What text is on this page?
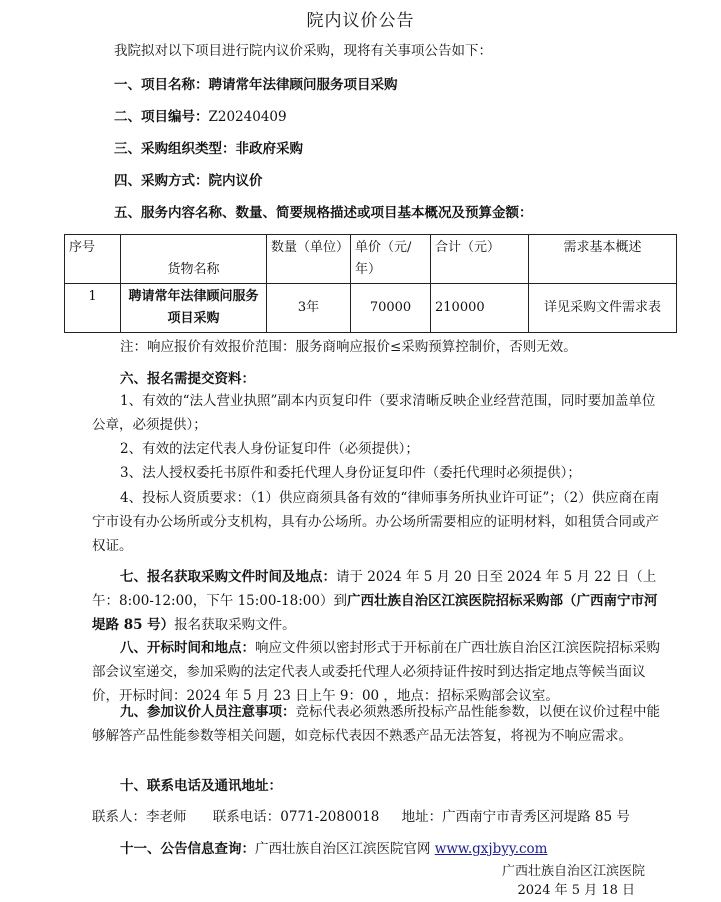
院内议价公告
我院拟对以下项目进行院内议价采购，现将有关事项公告如下：
一、项目名称：聘请常年法律顾问服务项目采购
二、项目编号：Z20240409
三、采购组织类型：非政府采购
四、采购方式：院内议价
五、服务内容名称、数量、简要规格描述或项目基本概况及预算金额：
序号	货物名称	数量（单位）	单价（元/年）	合计（元）	需求基本概述
1	聘请常年法律顾问服务项目采购	3年	70000	210000	详见采购文件需求表
注：响应报价有效报价范围：服务商响应报价≤采购预算控制价，否则无效。
六、报名需提交资料：
1、有效的“法人营业执照”副本内页复印件（要求清晰反映企业经营范围，同时要加盖单位公章，必须提供）；
2、有效的法定代表人身份证复印件（必须提供）；
3、法人授权委托书原件和委托代理人身份证复印件（委托代理时必须提供）；
4、投标人资质要求：（1）供应商须具备有效的“律师事务所执业许可证”；（2）供应商在南宁市设有办公场所或分支机构，具有办公场所。办公场所需要相应的证明材料，如租赁合同或产权证。
七、报名获取采购文件时间及地点：请于 2024 年 5 月 20 日至 2024 年 5 月 22 日（上午：8:00-12:00，下午 15:00-18:00）到广西壮族自治区江滨医院招标采购部（广西南宁市河堤路 85 号）报名获取采购文件。
八、开标时间和地点：响应文件须以密封形式于开标前在广西壮族自治区江滨医院招标采购部会议室递交，参加采购的法定代表人或委托代理人必须持证件按时到达指定地点等候当面议价，开标时间：2024 年 5 月 23 日上午 9：00 ，地点：招标采购部会议室。
九、参加议价人员注意事项：竞标代表必须熟悉所投标产品性能参数，以便在议价过程中能够解答产品性能参数等相关问题，如竞标代表因不熟悉产品无法答复，将视为不响应需求。
十、联系电话及通讯地址：
联系人：李老师 联系电话：0771-2080018 地址：广西南宁市青秀区河堤路 85 号
十一、公告信息查询：广西壮族自治区江滨医院官网 www.gxjbyy.com
广西壮族自治区江滨医院
2024 年 5 月 18 日
